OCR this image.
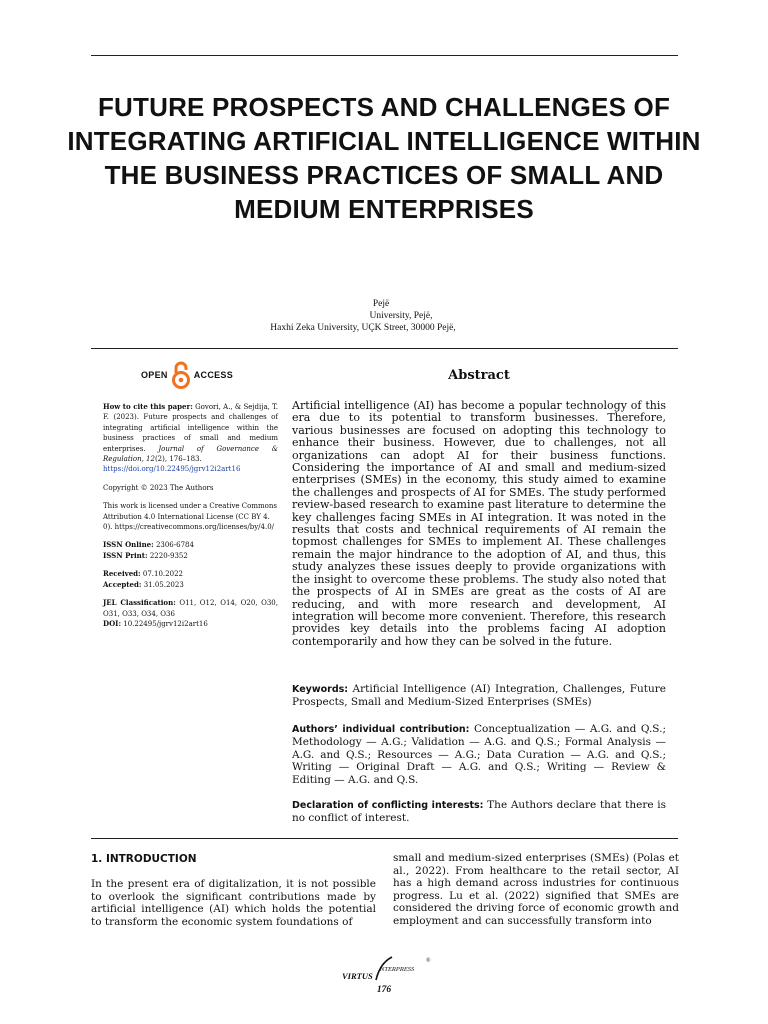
FUTURE PROSPECTS AND CHALLENGES OF INTEGRATING ARTIFICIAL INTELLIGENCE WITHIN THE BUSINESS PRACTICES OF SMALL AND MEDIUM ENTERPRISES
Pejë
University, Pejë,
Haxhi Zeka University, UÇK Street, 30000 Pejë,
OPEN	ACCESS

How to cite this paper: Govori, A., & Sejdija, T. F. (2023). Future prospects and challenges of integrating artificial intelligence within the business practices of small and medium enterprises. Journal of Governance & Regulation, 12(2), 176–183.
https://doi.org/10.22495/jgrv12i2art16

Copyright © 2023 The Authors

This work is licensed under a Creative Commons Attribution 4.0 International License (CC BY 4.0). https://creativecommons.org/licenses/by/4.0/

ISSN Online: 2306-6784

ISSN Print: 2220-9352

Received: 07.10.2022

Accepted: 31.05.2023

JEL Classification: O11, O12, O14, O20, O30, O31, O33, O34, O36

DOI: 10.22495/jgrv12i2art16

Abstract
Artificial intelligence (AI) has become a popular technology of this era due to its potential to transform businesses. Therefore, various businesses are focused on adopting this technology to enhance their business. However, due to challenges, not all organizations can adopt AI for their business functions. Considering the importance of AI and small and medium-sized enterprises (SMEs) in the economy, this study aimed to examine the challenges and prospects of AI for SMEs. The study performed review-based research to examine past literature to determine the key challenges facing SMEs in AI integration. It was noted in the results that costs and technical requirements of AI remain the topmost challenges for SMEs to implement AI. These challenges remain the major hindrance to the adoption of AI, and thus, this study analyzes these issues deeply to provide organizations with the insight to overcome these problems. The study also noted that the prospects of AI in SMEs are great as the costs of AI are reducing, and with more research and development, AI integration will become more convenient. Therefore, this research provides key details into the problems facing AI adoption contemporarily and how they can be solved in the future.
Keywords: Artificial Intelligence (AI) Integration, Challenges, Future Prospects, Small and Medium-Sized Enterprises (SMEs)
Authors’ individual contribution: Conceptualization — A.G. and Q.S.; Methodology — A.G.; Validation — A.G. and Q.S.; Formal Analysis — A.G. and Q.S.; Resources — A.G.; Data Curation — A.G. and Q.S.; Writing — Original Draft — A.G. and Q.S.; Writing — Review & Editing — A.G. and Q.S.
Declaration of conflicting interests: The Authors declare that there is no conflict of interest.
1. INTRODUCTION
In the present era of digitalization, it is not possible to overlook the significant contributions made by artificial intelligence (AI) which holds the potential to transform the economic system foundations of
small and medium-sized enterprises (SMEs) (Polas et al., 2022). From healthcare to the retail sector, AI has a high demand across industries for continuous progress. Lu et al. (2022) signified that SMEs are considered the driving force of economic growth and employment and can successfully transform into
VIRTUS
NTERPRESS
®
176
